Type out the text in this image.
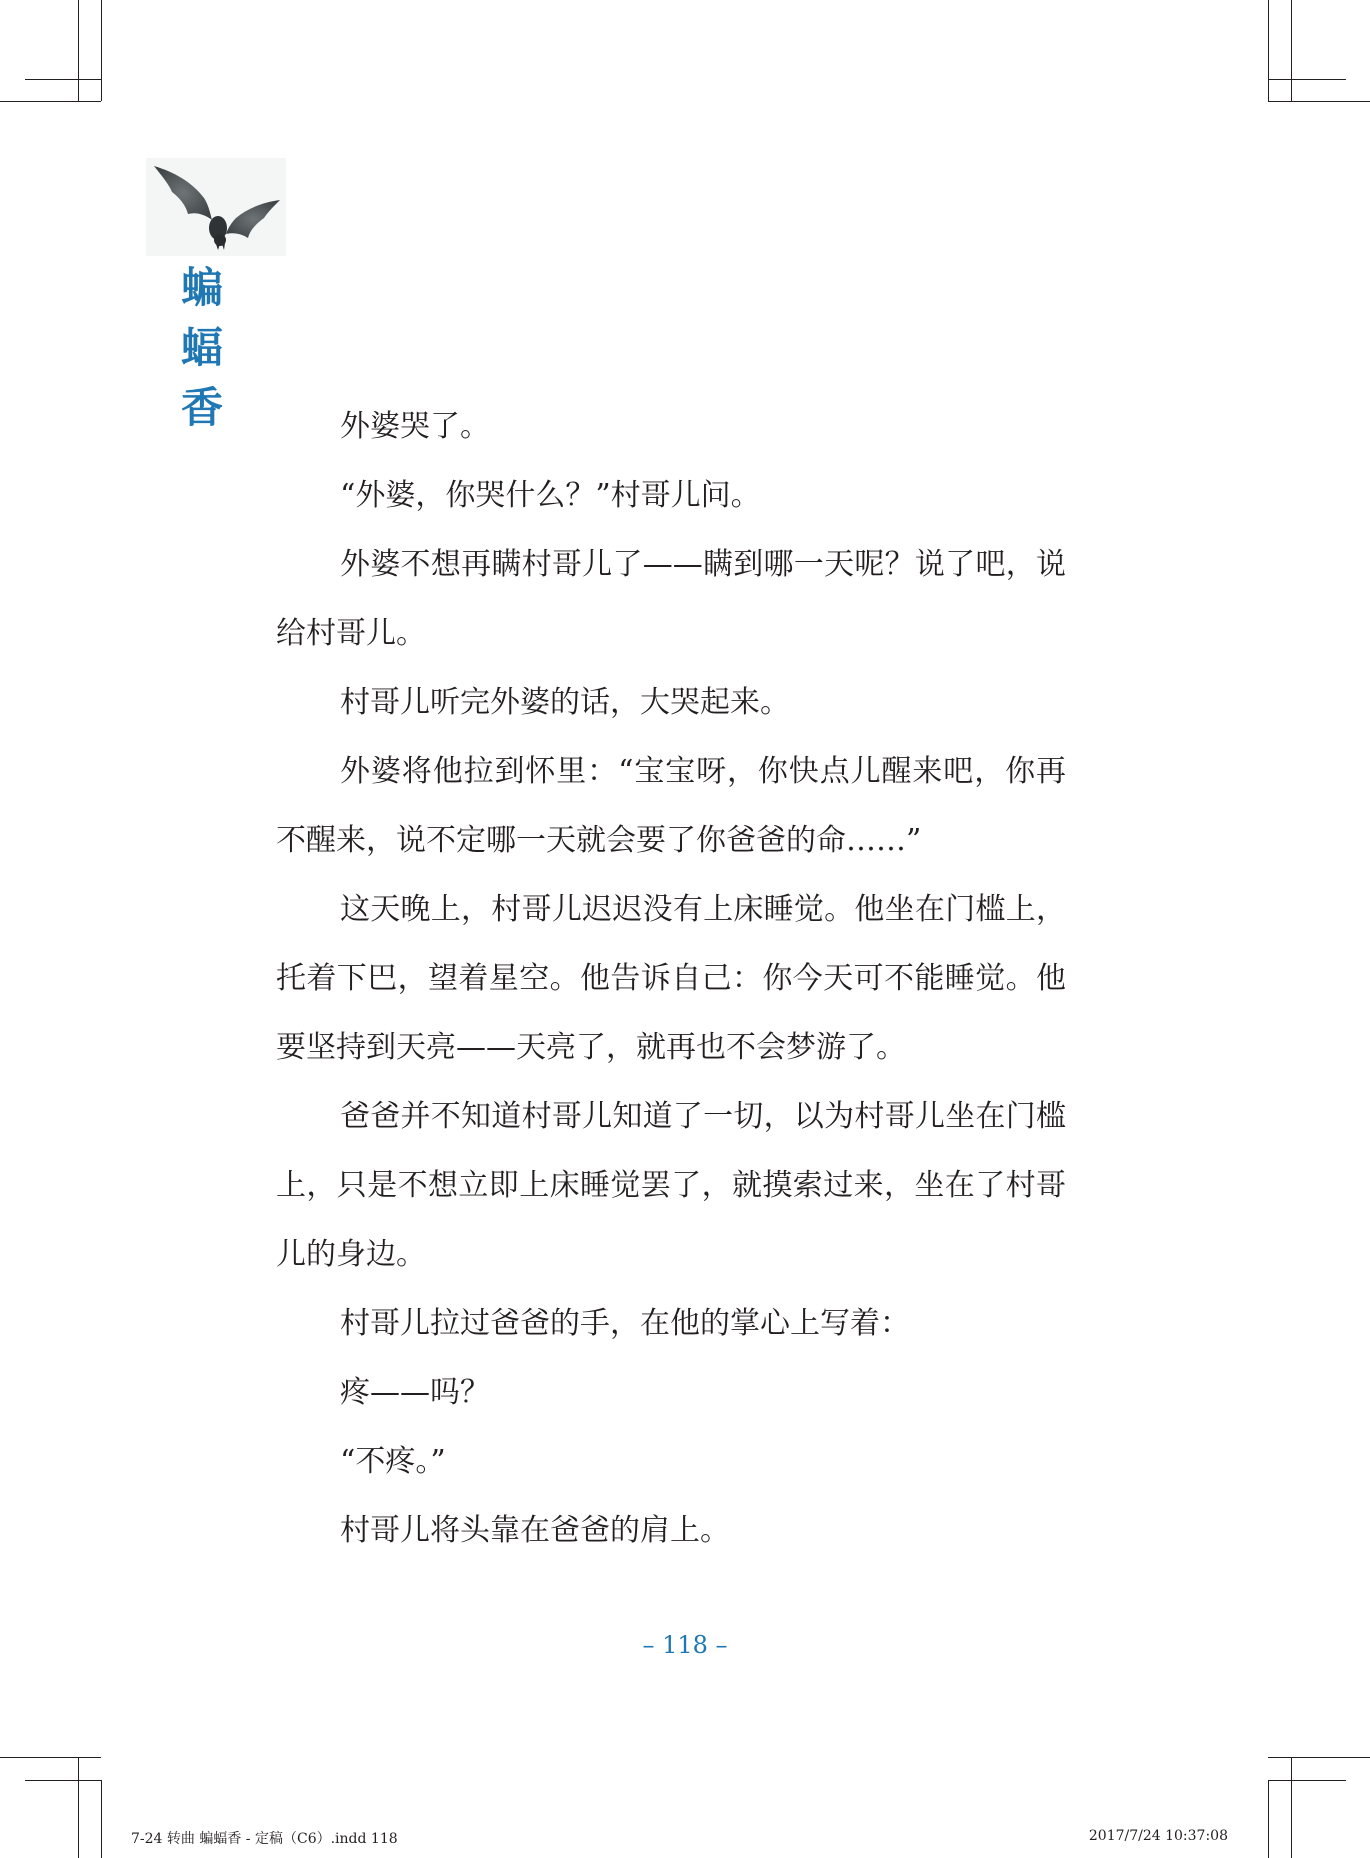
蝙
蝠
香	外婆哭了。

“外婆，你哭什么？”村哥儿问。

外婆不想再瞒村哥儿了——瞒到哪一天呢？说了吧，说给村哥儿。

村哥儿听完外婆的话，大哭起来。

外婆将他拉到怀里：“宝宝呀，你快点儿醒来吧，你再不醒来，说不定哪一天就会要了你爸爸的命……”

这天晚上，村哥儿迟迟没有上床睡觉。他坐在门槛上，托着下巴，望着星空。他告诉自己：你今天可不能睡觉。他要坚持到天亮——天亮了，就再也不会梦游了。

爸爸并不知道村哥儿知道了一切，以为村哥儿坐在门槛上，只是不想立即上床睡觉罢了，就摸索过来，坐在了村哥儿的身边。

村哥儿拉过爸爸的手，在他的掌心上写着：

疼——吗？

“不疼。”

村哥儿将头靠在爸爸的肩上。

– 118 –
7-24 转曲 蝙蝠香 - 定稿（C6）.indd 118	2017/7/24 10:37:08
